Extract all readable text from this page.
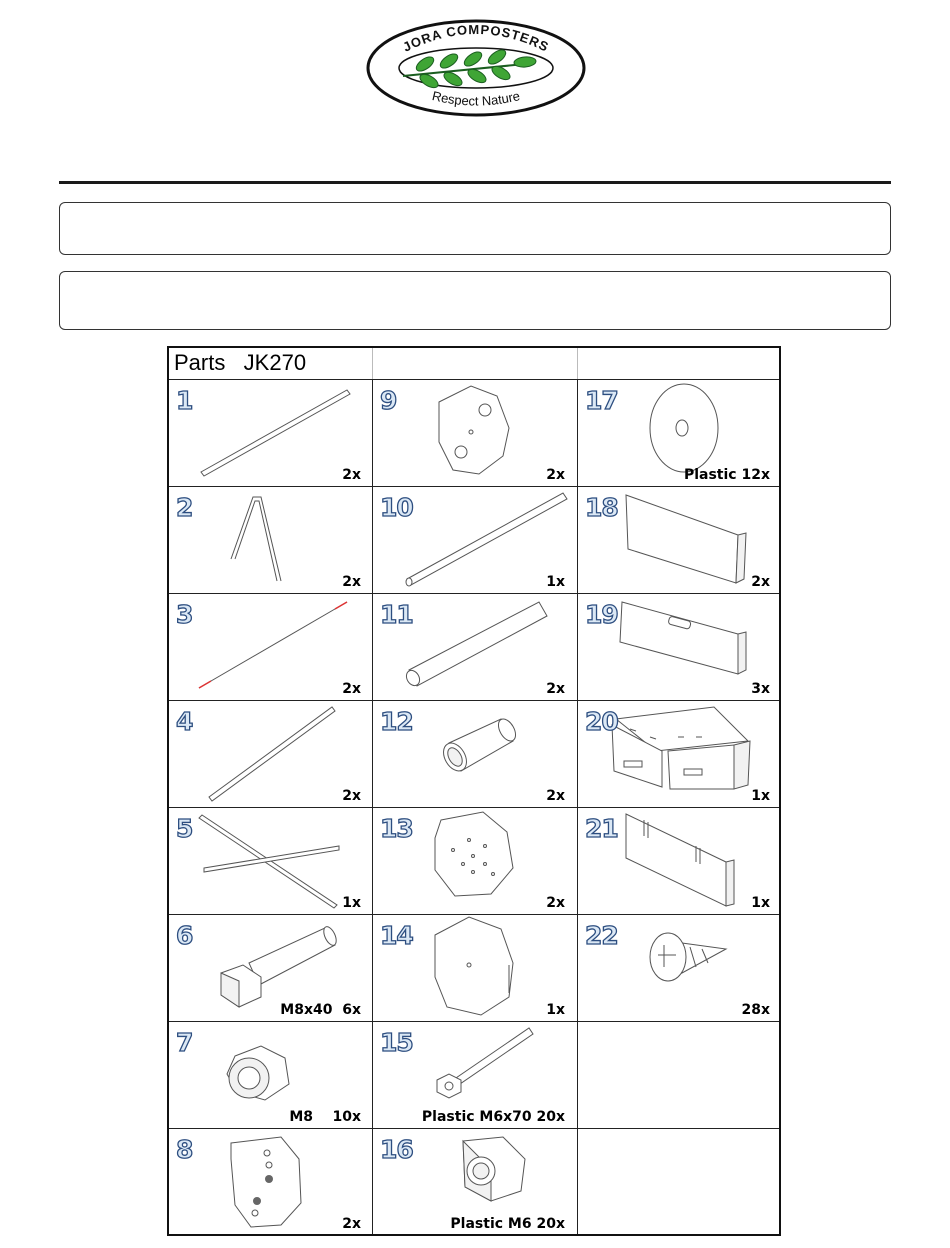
JORA COMPOSTERS
Respect Nature
Parts   JK270
1
2x
2
2x
3
2x
4
2x
5
1x
6
M8x40  6x
7
M8    10x
8
2x
9
2x
10
1x
11
2x
12
2x
13
2x
14
1x
15
Plastic M6x70 20x
16
Plastic M6 20x
17
Plastic 12x
18
2x
19
3x
20
1x
21
1x
22
28x
